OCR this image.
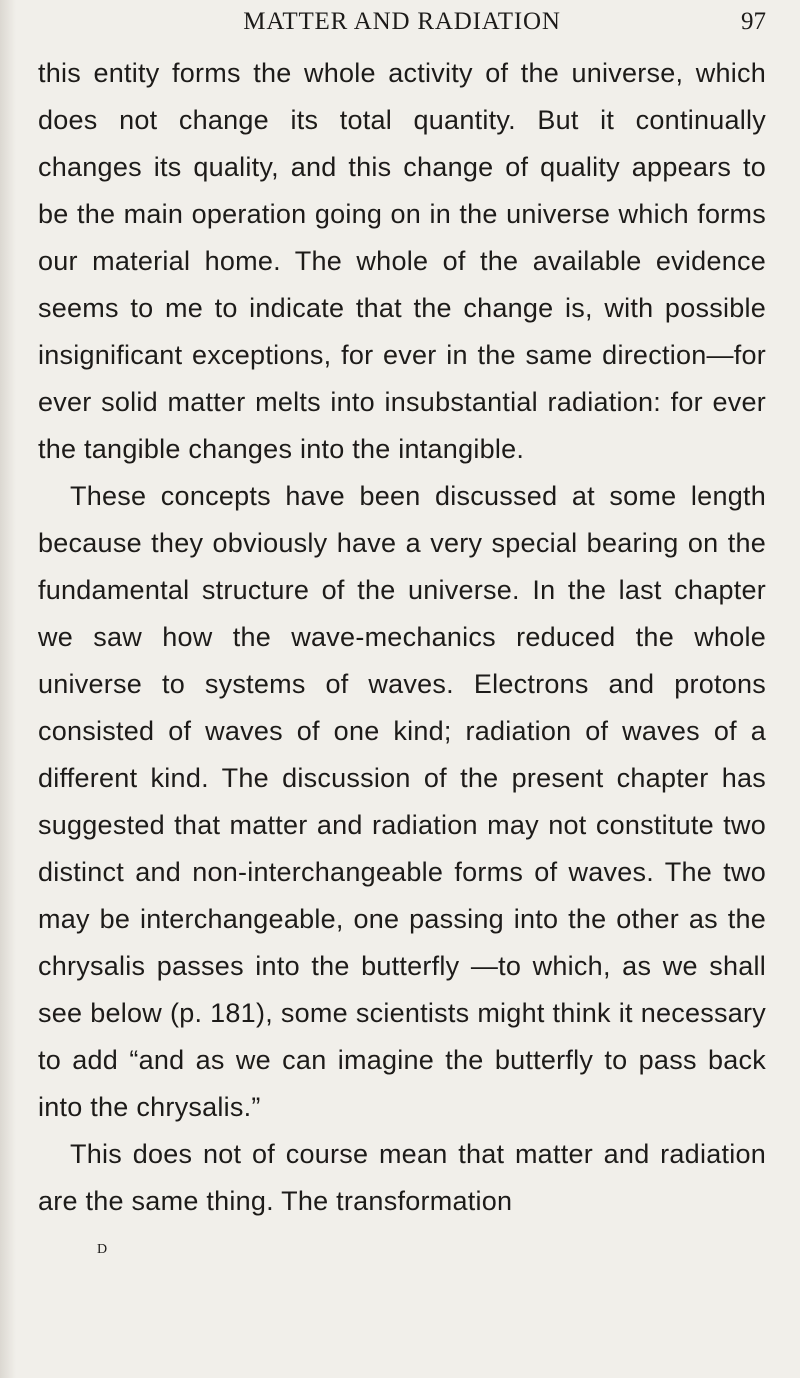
MATTER AND RADIATION	97

this entity forms the whole activity of the universe, which does not change its total quantity. But it continually changes its quality, and this change of quality appears to be the main operation going on in the universe which forms our material home. The whole of the available evidence seems to me to indicate that the change is, with possible insignificant exceptions, for ever in the same direction—for ever solid matter melts into insubstantial radiation: for ever the tangible changes into the intangible.

These concepts have been discussed at some length because they obviously have a very special bearing on the fundamental structure of the universe. In the last chapter we saw how the wave-mechanics reduced the whole universe to systems of waves. Electrons and protons consisted of waves of one kind; radiation of waves of a different kind. The discussion of the present chapter has suggested that matter and radiation may not constitute two distinct and non-interchangeable forms of waves. The two may be interchangeable, one passing into the other as the chrysalis passes into the butterfly —to which, as we shall see below (p. 181), some scientists might think it necessary to add “and as we can imagine the butterfly to pass back into the chrysalis.”

This does not of course mean that matter and radiation are the same thing. The transformation

D
